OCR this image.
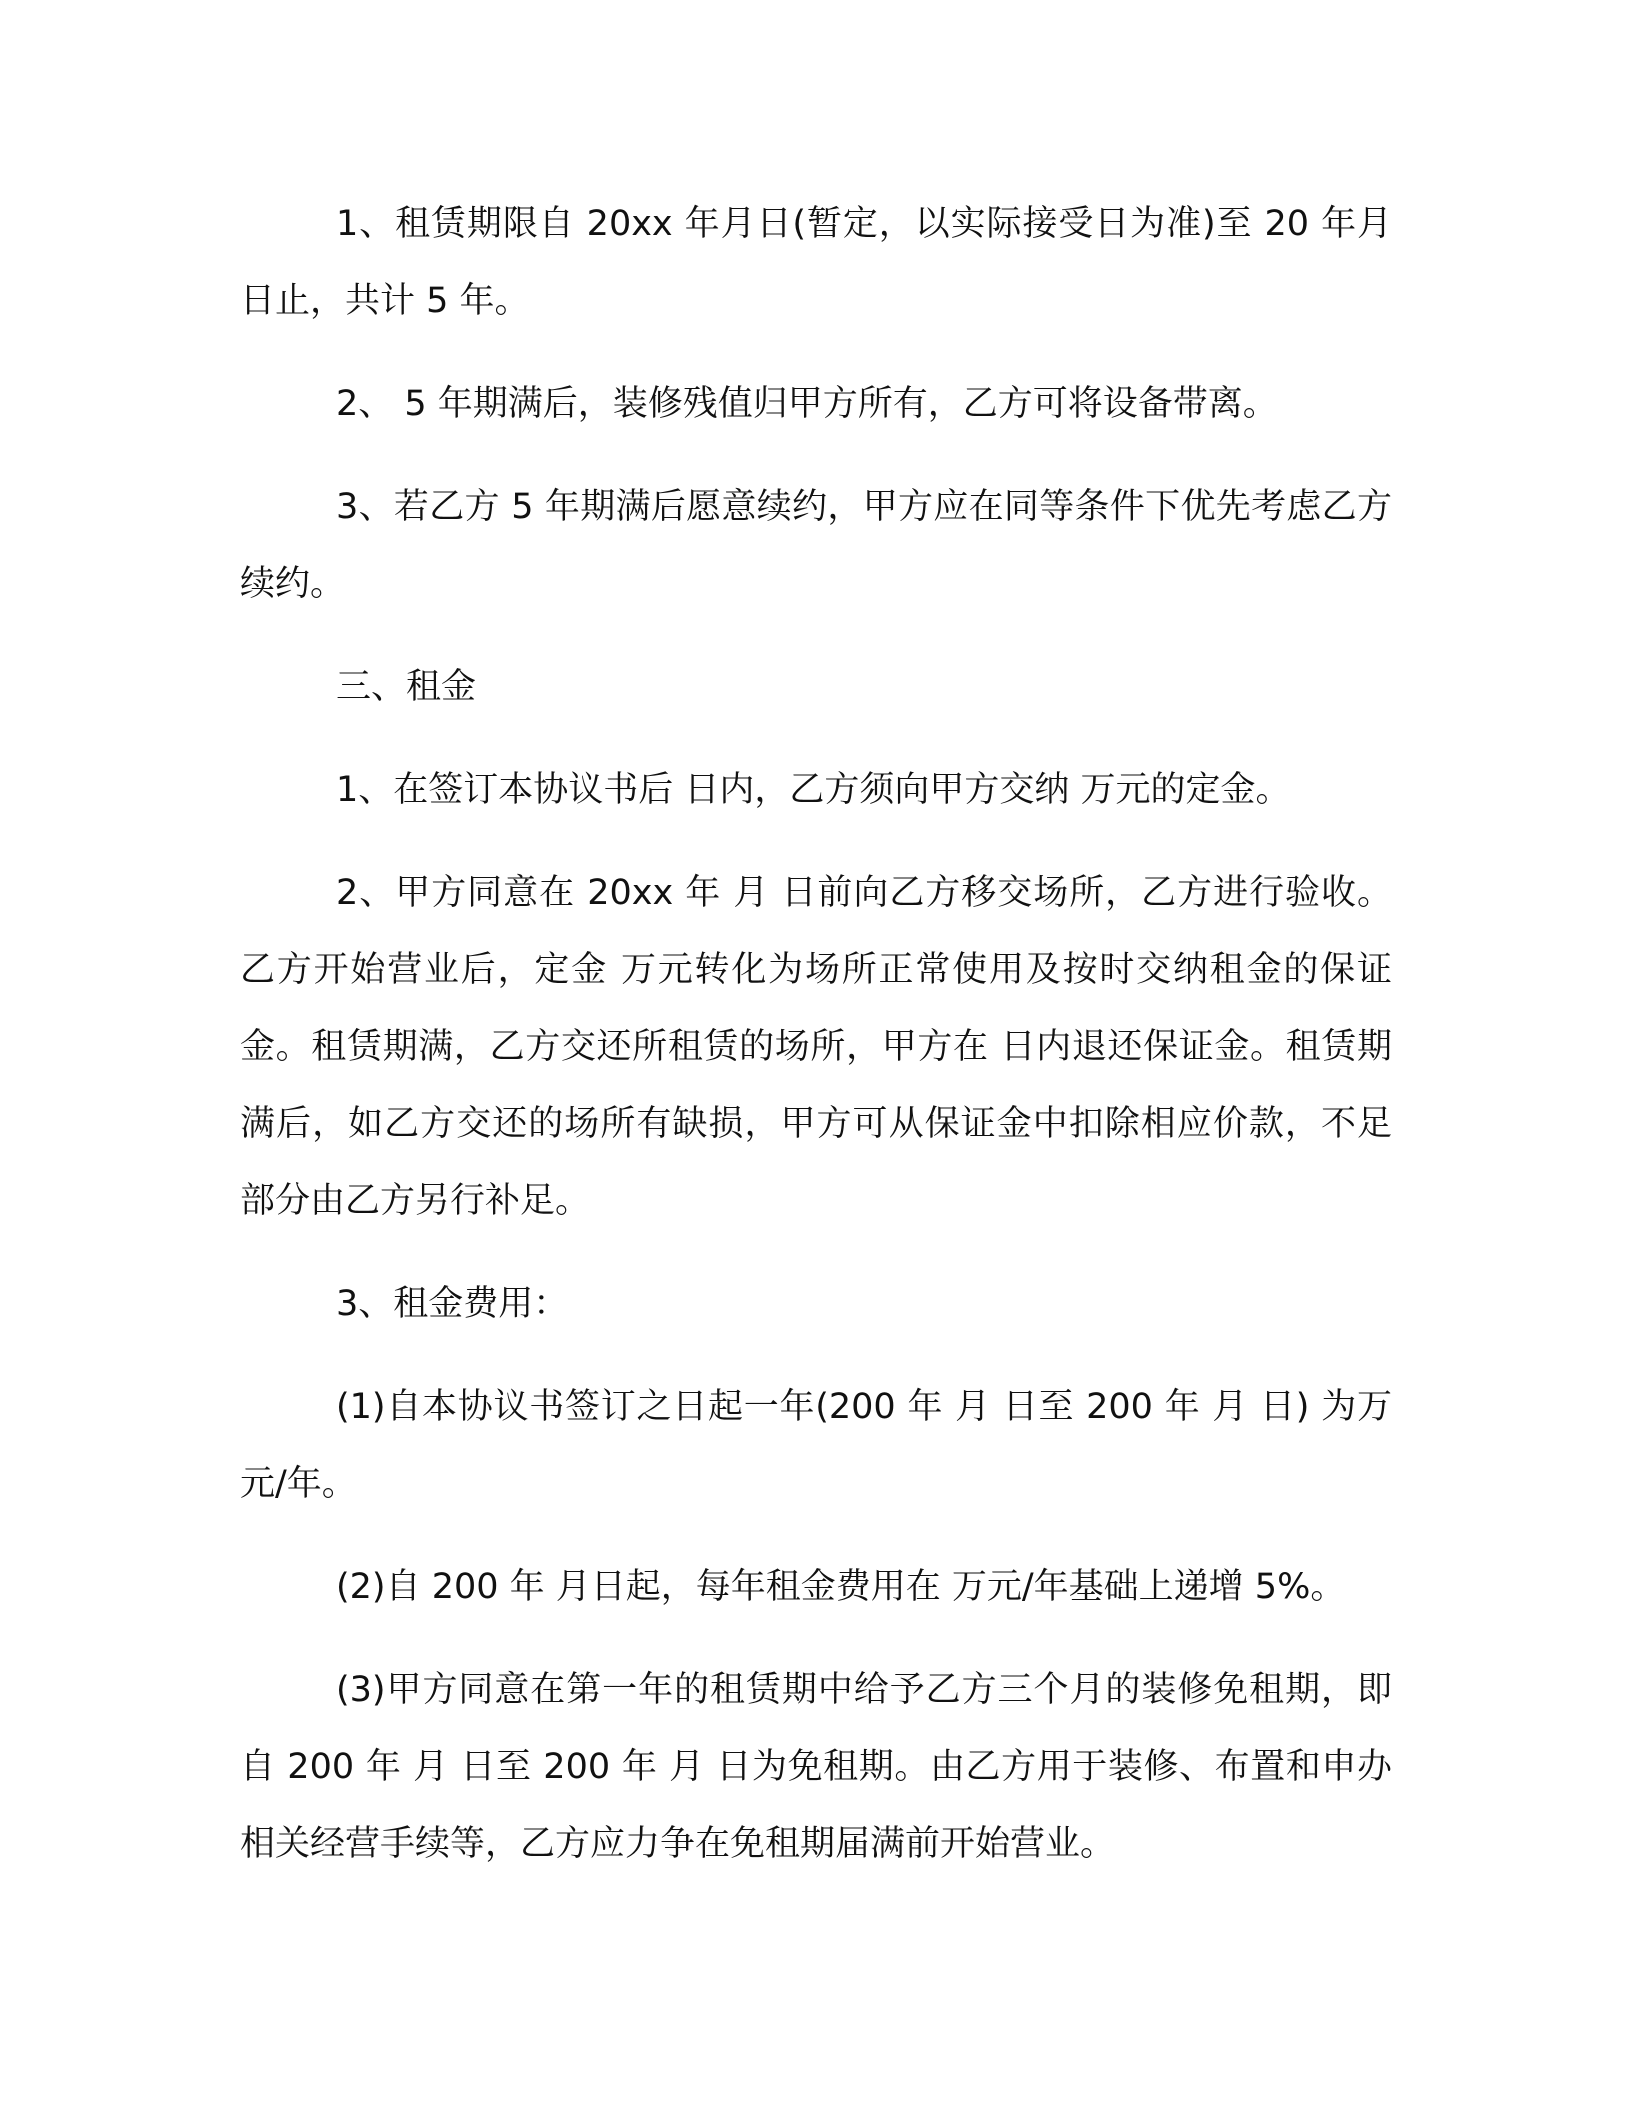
1、租赁期限自 20xx 年月日(暂定，以实际接受日为准)至 20 年月 日止，共计 5 年。

2、 5 年期满后，装修残值归甲方所有，乙方可将设备带离。

3、若乙方 5 年期满后愿意续约，甲方应在同等条件下优先考虑乙方续约。

三、租金

1、在签订本协议书后 日内，乙方须向甲方交纳 万元的定金。

2、甲方同意在 20xx 年 月 日前向乙方移交场所，乙方进行验收。乙方开始营业后，定金 万元转化为场所正常使用及按时交纳租金的保证金。租赁期满，乙方交还所租赁的场所，甲方在 日内退还保证金。租赁期满后，如乙方交还的场所有缺损，甲方可从保证金中扣除相应价款，不足部分由乙方另行补足。

3、租金费用：

(1)自本协议书签订之日起一年(200 年 月 日至 200 年 月 日) 为万元/年。

(2)自 200 年 月日起，每年租金费用在 万元/年基础上递增 5%。

(3)甲方同意在第一年的租赁期中给予乙方三个月的装修免租期，即自 200 年 月 日至 200 年 月 日为免租期。由乙方用于装修、布置和申办相关经营手续等，乙方应力争在免租期届满前开始营业。
